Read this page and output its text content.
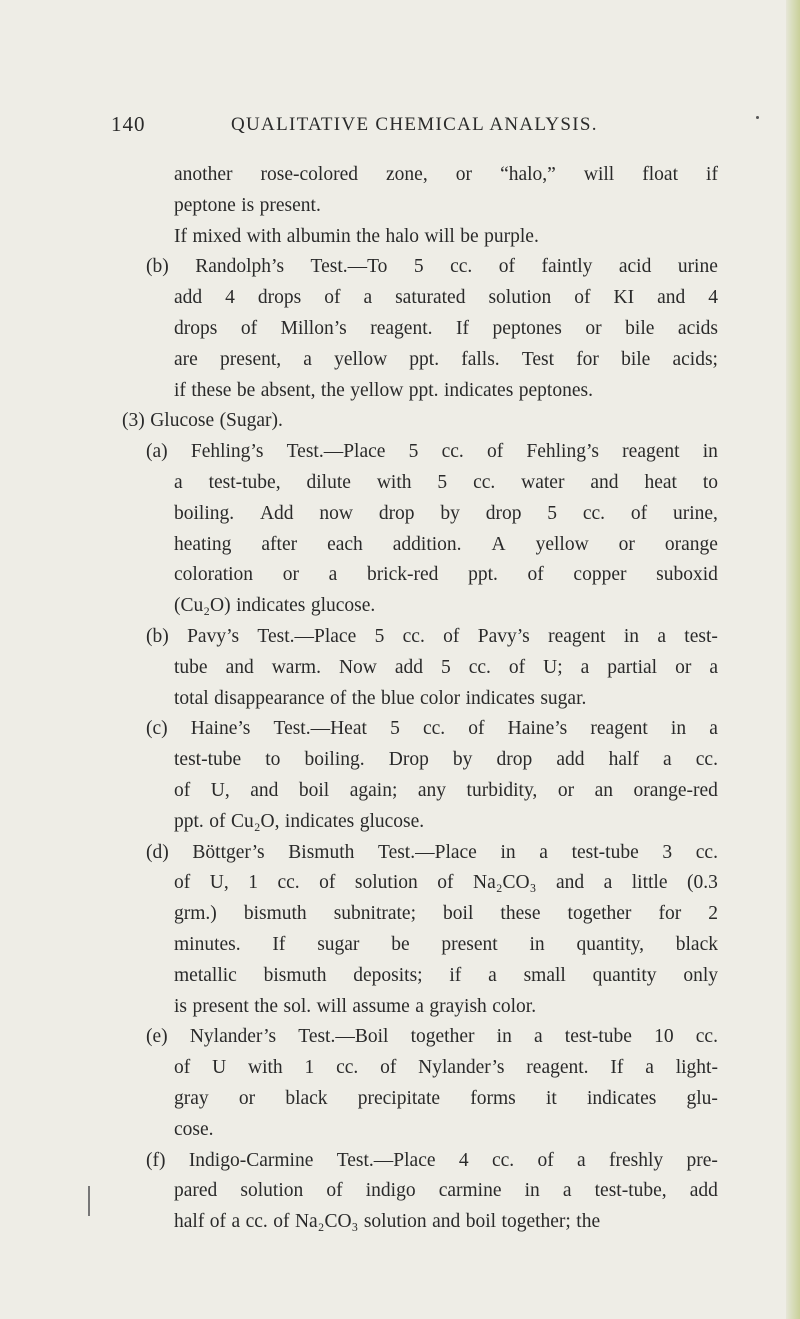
140	QUALITATIVE CHEMICAL ANALYSIS.
another rose-colored zone, or “halo,” will float if
peptone is present.
If mixed with albumin the halo will be purple.
(b) Randolph’s Test.—To 5 cc. of faintly acid urine
add 4 drops of a saturated solution of KI and 4
drops of Millon’s reagent. If peptones or bile acids
are present, a yellow ppt. falls. Test for bile acids;
if these be absent, the yellow ppt. indicates peptones.
(3) Glucose (Sugar).
(a) Fehling’s Test.—Place 5 cc. of Fehling’s reagent in
a test-tube, dilute with 5 cc. water and heat to
boiling. Add now drop by drop 5 cc. of urine,
heating after each addition. A yellow or orange
coloration or a brick-red ppt. of copper suboxid
(Cu₂O) indicates glucose.
(b) Pavy’s Test.—Place 5 cc. of Pavy’s reagent in a test-
tube and warm. Now add 5 cc. of U; a partial or a
total disappearance of the blue color indicates sugar.
(c) Haine’s Test.—Heat 5 cc. of Haine’s reagent in a
test-tube to boiling. Drop by drop add half a cc.
of U, and boil again; any turbidity, or an orange-red
ppt. of Cu₂O, indicates glucose.
(d) Böttger’s Bismuth Test.—Place in a test-tube 3 cc.
of U, 1 cc. of solution of Na₂CO₃ and a little (0.3
grm.) bismuth subnitrate; boil these together for 2
minutes. If sugar be present in quantity, black
metallic bismuth deposits; if a small quantity only
is present the sol. will assume a grayish color.
(e) Nylander’s Test.—Boil together in a test-tube 10 cc.
of U with 1 cc. of Nylander’s reagent. If a light-
gray or black precipitate forms it indicates glu-
cose.
(f) Indigo-Carmine Test.—Place 4 cc. of a freshly pre-
pared solution of indigo carmine in a test-tube, add
half of a cc. of Na₂CO₃ solution and boil together; the
